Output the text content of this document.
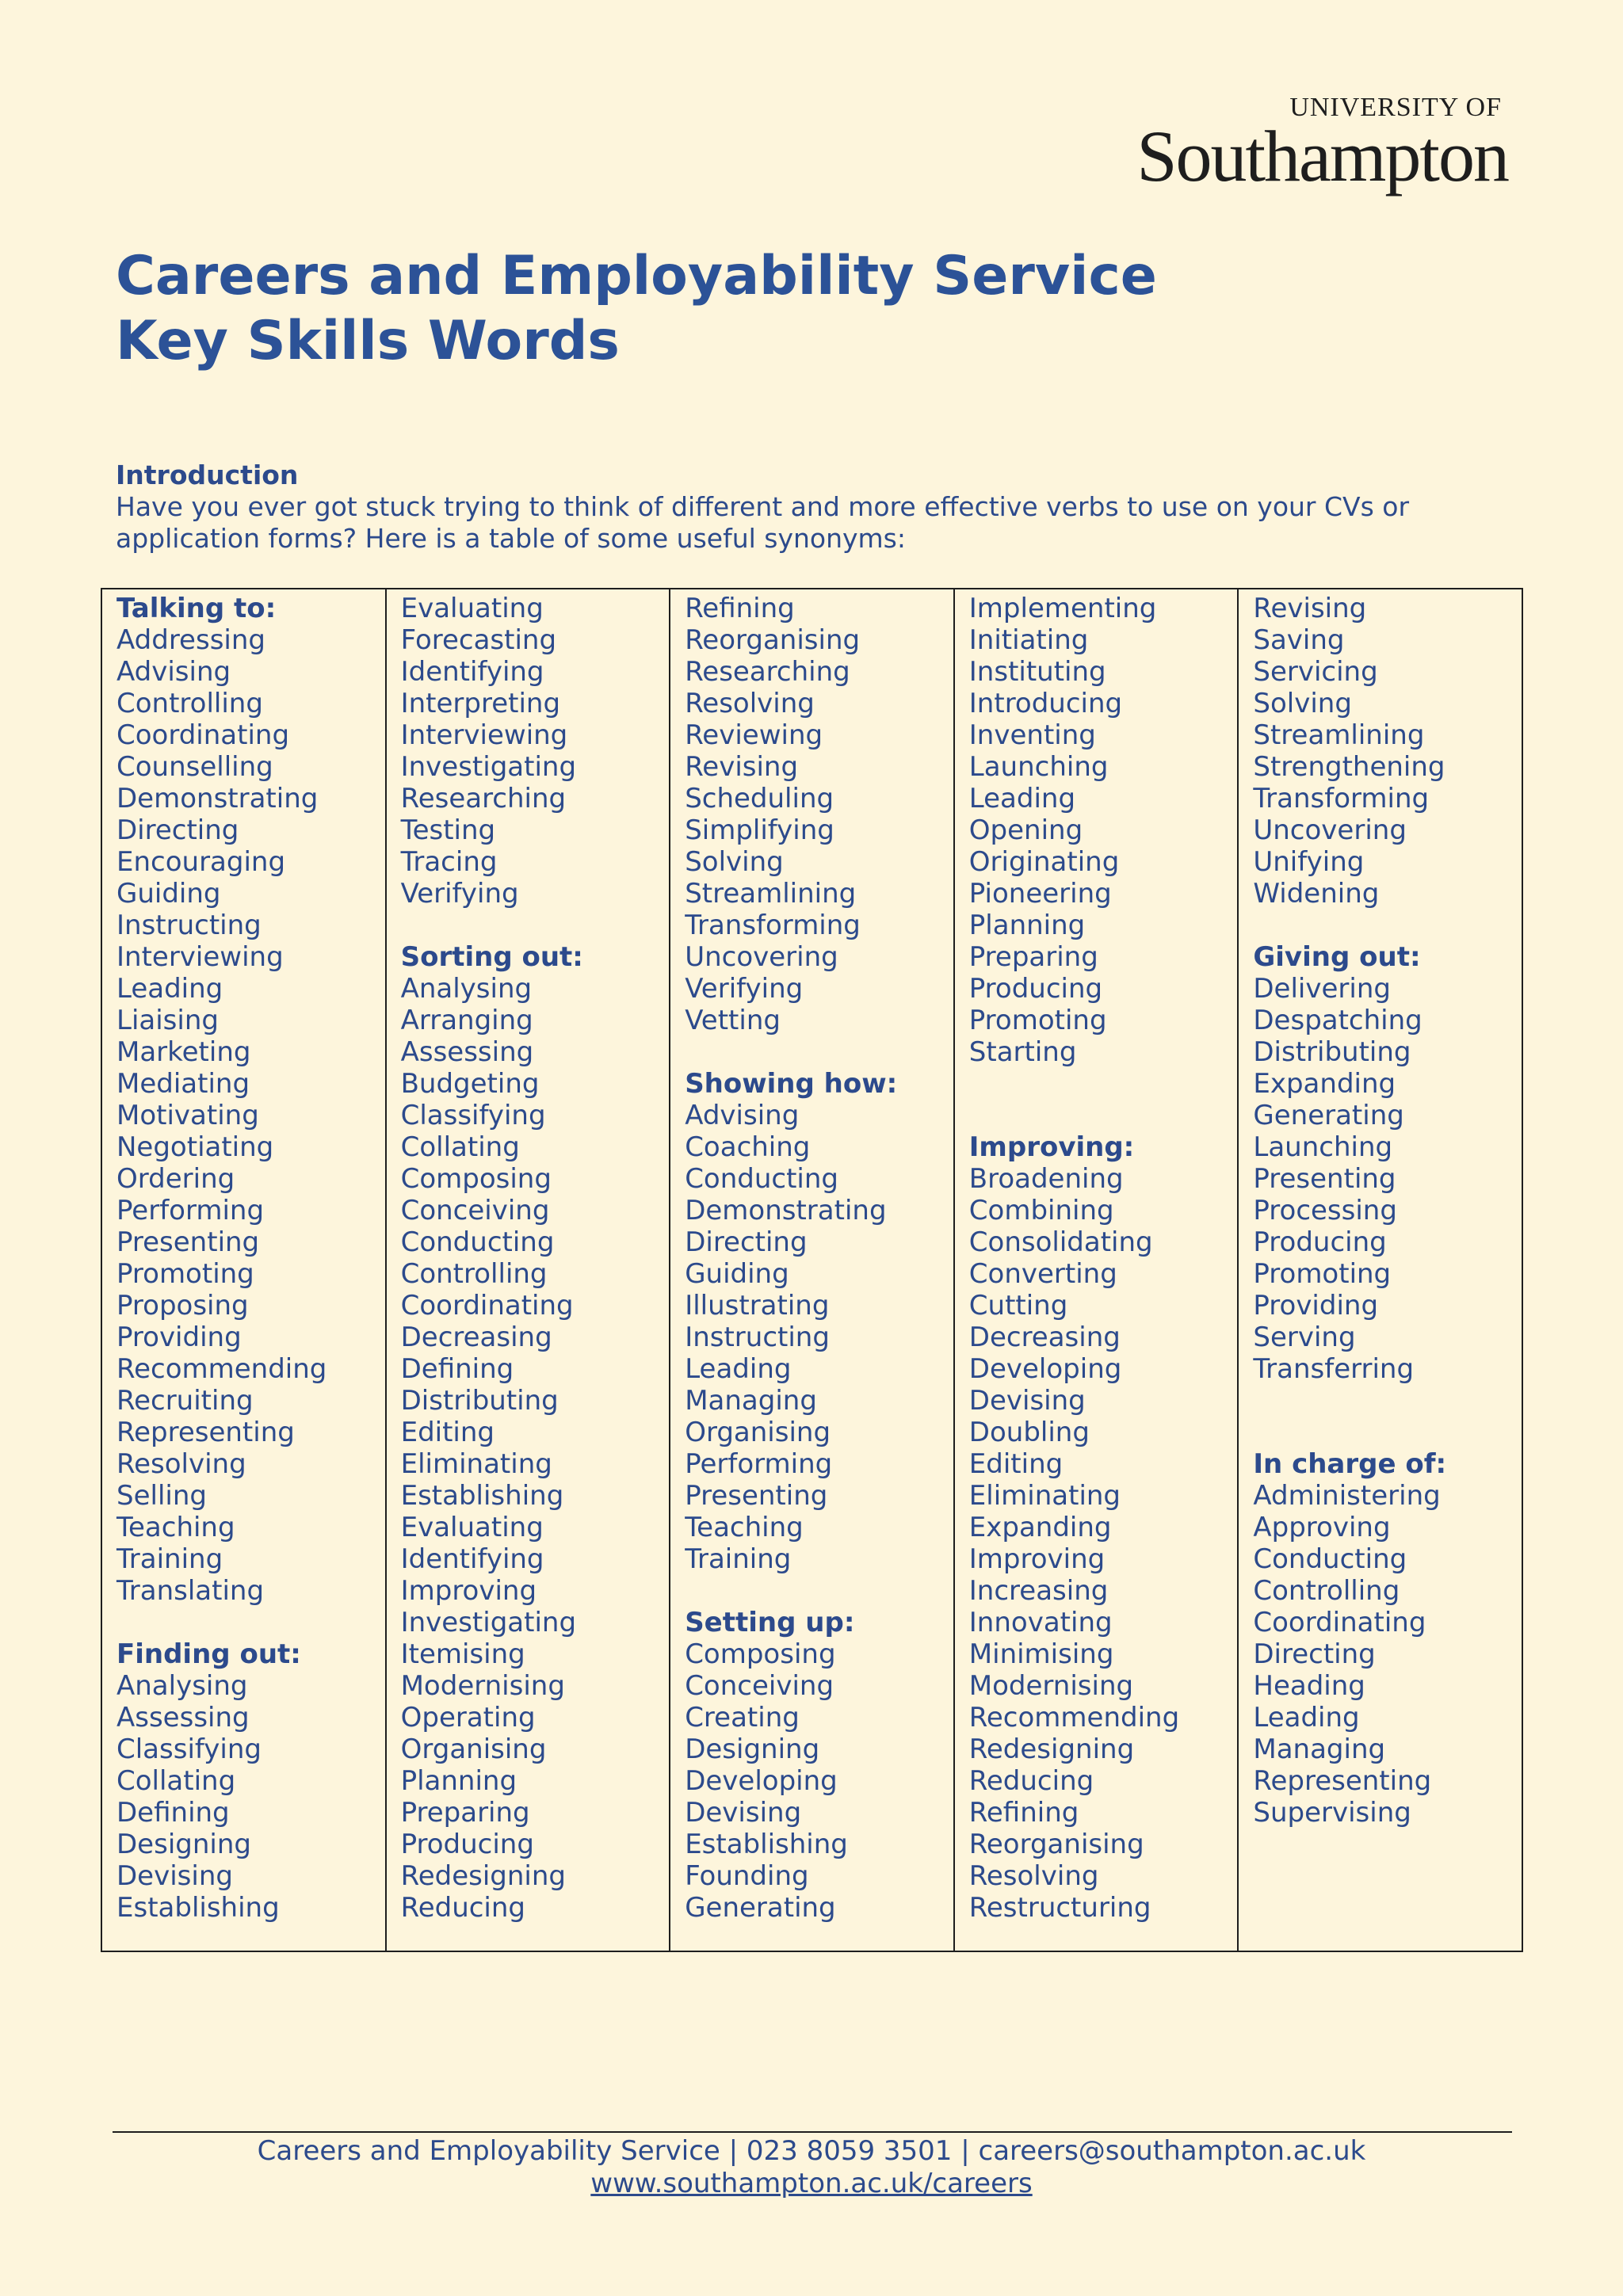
UNIVERSITY OF
Southampton
Careers and Employability Service
Key Skills Words
Introduction
Have you ever got stuck trying to think of different and more effective verbs to use on your CVs or
application forms? Here is a table of some useful synonyms:
Talking to:
Addressing
Advising
Controlling
Coordinating
Counselling
Demonstrating
Directing
Encouraging
Guiding
Instructing
Interviewing
Leading
Liaising
Marketing
Mediating
Motivating
Negotiating
Ordering
Performing
Presenting
Promoting
Proposing
Providing
Recommending
Recruiting
Representing
Resolving
Selling
Teaching
Training
Translating
Finding out:
Analysing
Assessing
Classifying
Collating
Defining
Designing
Devising
Establishing
Evaluating
Forecasting
Identifying
Interpreting
Interviewing
Investigating
Researching
Testing
Tracing
Verifying
Sorting out:
Analysing
Arranging
Assessing
Budgeting
Classifying
Collating
Composing
Conceiving
Conducting
Controlling
Coordinating
Decreasing
Defining
Distributing
Editing
Eliminating
Establishing
Evaluating
Identifying
Improving
Investigating
Itemising
Modernising
Operating
Organising
Planning
Preparing
Producing
Redesigning
Reducing
Refining
Reorganising
Researching
Resolving
Reviewing
Revising
Scheduling
Simplifying
Solving
Streamlining
Transforming
Uncovering
Verifying
Vetting
Showing how:
Advising
Coaching
Conducting
Demonstrating
Directing
Guiding
Illustrating
Instructing
Leading
Managing
Organising
Performing
Presenting
Teaching
Training
Setting up:
Composing
Conceiving
Creating
Designing
Developing
Devising
Establishing
Founding
Generating
Implementing
Initiating
Instituting
Introducing
Inventing
Launching
Leading
Opening
Originating
Pioneering
Planning
Preparing
Producing
Promoting
Starting
Improving:
Broadening
Combining
Consolidating
Converting
Cutting
Decreasing
Developing
Devising
Doubling
Editing
Eliminating
Expanding
Improving
Increasing
Innovating
Minimising
Modernising
Recommending
Redesigning
Reducing
Refining
Reorganising
Resolving
Restructuring
Revising
Saving
Servicing
Solving
Streamlining
Strengthening
Transforming
Uncovering
Unifying
Widening
Giving out:
Delivering
Despatching
Distributing
Expanding
Generating
Launching
Presenting
Processing
Producing
Promoting
Providing
Serving
Transferring
In charge of:
Administering
Approving
Conducting
Controlling
Coordinating
Directing
Heading
Leading
Managing
Representing
Supervising
Careers and Employability Service | 023 8059 3501 | careers@southampton.ac.uk
www.southampton.ac.uk/careers
